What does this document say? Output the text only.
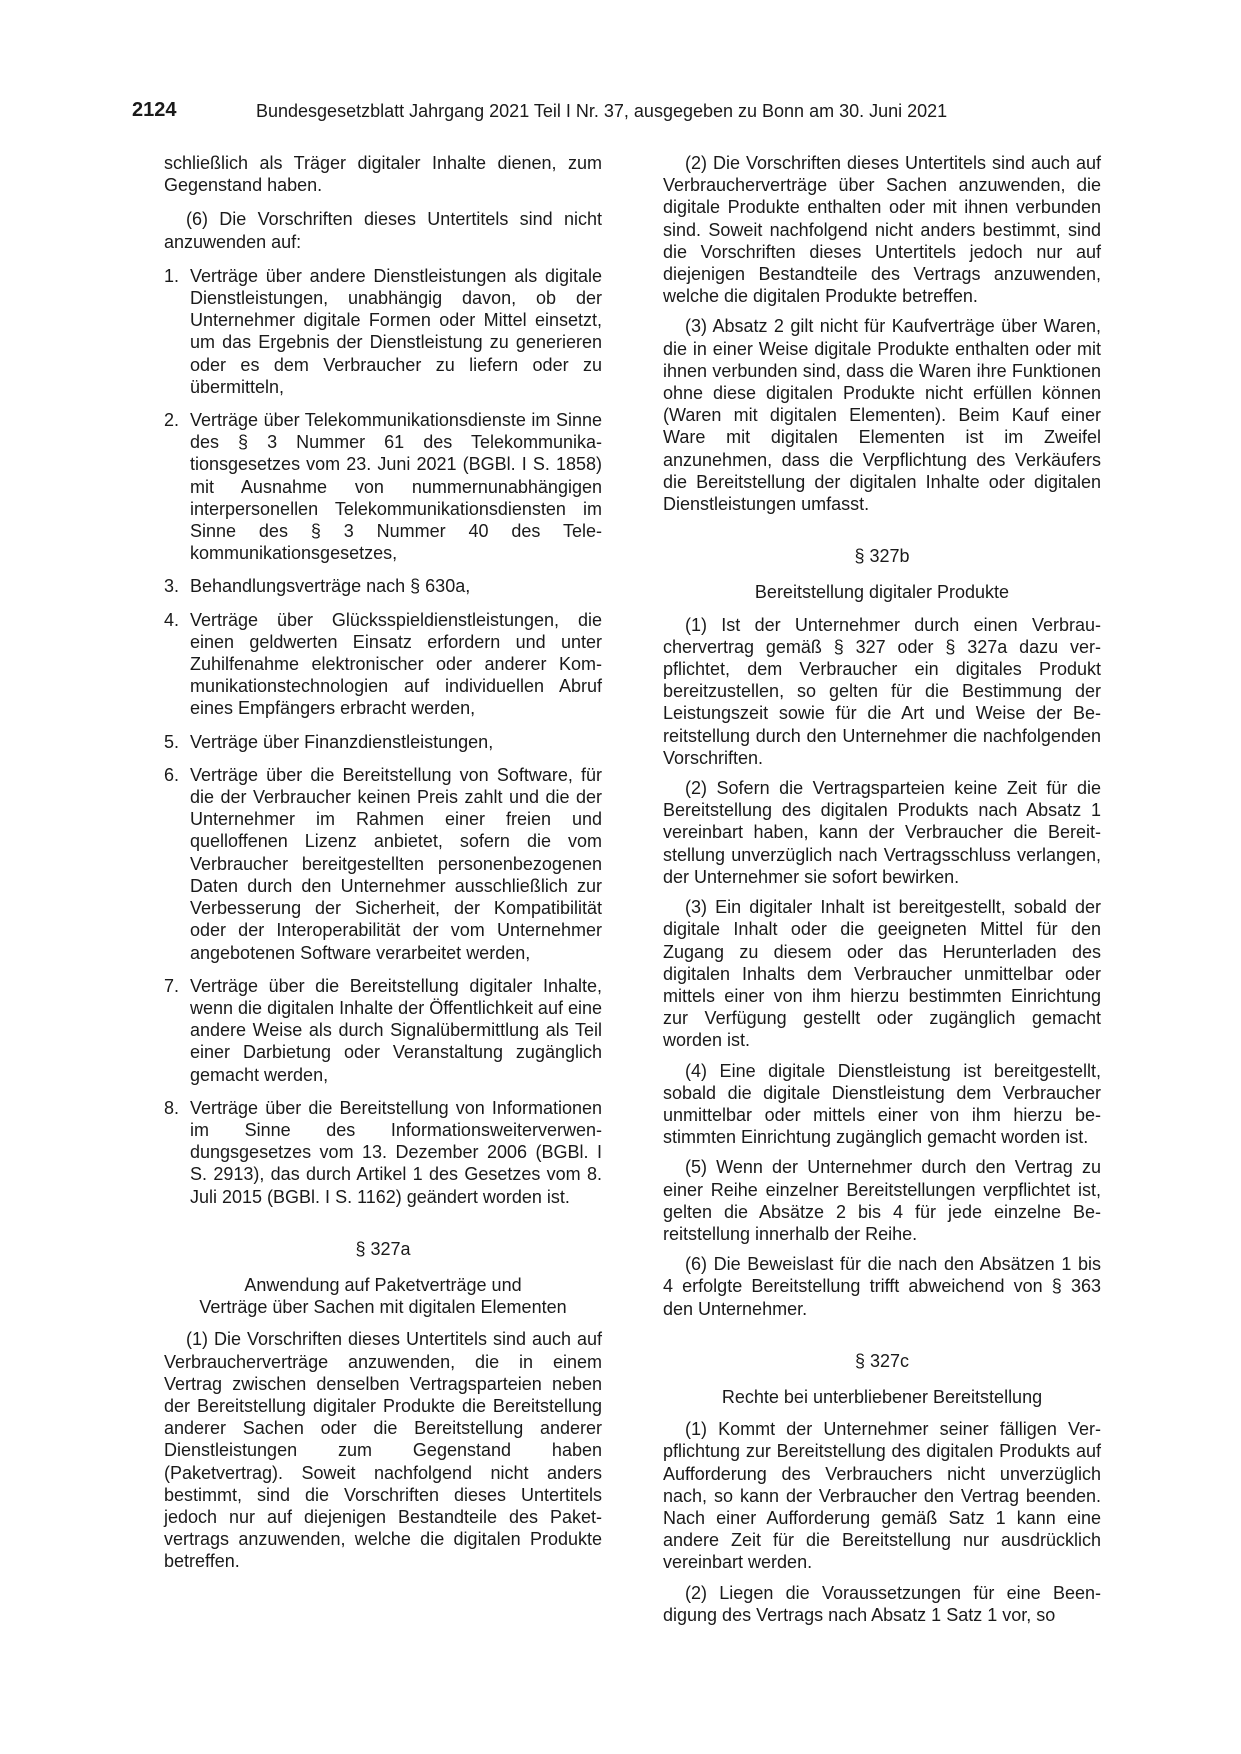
2124	Bundesgesetzblatt Jahrgang 2021 Teil I Nr. 37, ausgegeben zu Bonn am 30. Juni 2021

schließlich als Träger digitaler Inhalte dienen, zum Gegenstand haben.

(6) Die Vorschriften dieses Untertitels sind nicht anzuwenden auf:

1. Verträge über andere Dienstleistungen als digitale Dienstleistungen, unabhängig davon, ob der Unternehmer digitale Formen oder Mittel einsetzt, um das Ergebnis der Dienstleistung zu generieren oder es dem Verbraucher zu liefern oder zu übermitteln,
2. Verträge über Telekommunikationsdienste im Sinne des § 3 Nummer 61 des Telekommunikationsgesetzes vom 23. Juni 2021 (BGBl. I S. 1858) mit Ausnahme von nummernunabhängigen interpersonellen Telekommunikationsdiensten im Sinne des § 3 Nummer 40 des Telekommunikationsgesetzes,
3. Behandlungsverträge nach § 630a,
4. Verträge über Glücksspieldienstleistungen, die einen geldwerten Einsatz erfordern und unter Zuhilfenahme elektronischer oder anderer Kommunikationstechnologien auf individuellen Abruf eines Empfängers erbracht werden,
5. Verträge über Finanzdienstleistungen,
6. Verträge über die Bereitstellung von Software, für die der Verbraucher keinen Preis zahlt und die der Unternehmer im Rahmen einer freien und quelloffenen Lizenz anbietet, sofern die vom Verbraucher bereitgestellten personenbezogenen Daten durch den Unternehmer ausschließlich zur Verbesserung der Sicherheit, der Kompatibilität oder der Interoperabilität der vom Unternehmer angebotenen Software verarbeitet werden,
7. Verträge über die Bereitstellung digitaler Inhalte, wenn die digitalen Inhalte der Öffentlichkeit auf eine andere Weise als durch Signalübermittlung als Teil einer Darbietung oder Veranstaltung zugänglich gemacht werden,
8. Verträge über die Bereitstellung von Informationen im Sinne des Informationsweiterverwendungsgesetzes vom 13. Dezember 2006 (BGBl. I S. 2913), das durch Artikel 1 des Gesetzes vom 8. Juli 2015 (BGBl. I S. 1162) geändert worden ist.

§ 327a

Anwendung auf Paketverträge und

Verträge über Sachen mit digitalen Elementen

(1) Die Vorschriften dieses Untertitels sind auch auf Verbraucherverträge anzuwenden, die in einem Vertrag zwischen denselben Vertragsparteien neben der Bereitstellung digitaler Produkte die Bereitstellung anderer Sachen oder die Bereitstellung anderer Dienstleistungen zum Gegenstand haben (Paketvertrag). Soweit nachfolgend nicht anders bestimmt, sind die Vorschriften dieses Untertitels jedoch nur auf diejenigen Bestandteile des Paketvertrags anzuwenden, welche die digitalen Produkte betreffen.

(2) Die Vorschriften dieses Untertitels sind auch auf Verbraucherverträge über Sachen anzuwenden, die digitale Produkte enthalten oder mit ihnen verbunden sind. Soweit nachfolgend nicht anders bestimmt, sind die Vorschriften dieses Untertitels jedoch nur auf diejenigen Bestandteile des Vertrags anzuwenden, welche die digitalen Produkte betreffen.

(3) Absatz 2 gilt nicht für Kaufverträge über Waren, die in einer Weise digitale Produkte enthalten oder mit ihnen verbunden sind, dass die Waren ihre Funktionen ohne diese digitalen Produkte nicht erfüllen können (Waren mit digitalen Elementen). Beim Kauf einer Ware mit digitalen Elementen ist im Zweifel anzunehmen, dass die Verpflichtung des Verkäufers die Bereitstellung der digitalen Inhalte oder digitalen Dienstleistungen umfasst.

§ 327b

Bereitstellung digitaler Produkte

(1) Ist der Unternehmer durch einen Verbrauchervertrag gemäß § 327 oder § 327a dazu verpflichtet, dem Verbraucher ein digitales Produkt bereitzustellen, so gelten für die Bestimmung der Leistungszeit sowie für die Art und Weise der Bereitstellung durch den Unternehmer die nachfolgenden Vorschriften.

(2) Sofern die Vertragsparteien keine Zeit für die Bereitstellung des digitalen Produkts nach Absatz 1 vereinbart haben, kann der Verbraucher die Bereitstellung unverzüglich nach Vertragsschluss verlangen, der Unternehmer sie sofort bewirken.

(3) Ein digitaler Inhalt ist bereitgestellt, sobald der digitale Inhalt oder die geeigneten Mittel für den Zugang zu diesem oder das Herunterladen des digitalen Inhalts dem Verbraucher unmittelbar oder mittels einer von ihm hierzu bestimmten Einrichtung zur Verfügung gestellt oder zugänglich gemacht worden ist.

(4) Eine digitale Dienstleistung ist bereitgestellt, sobald die digitale Dienstleistung dem Verbraucher unmittelbar oder mittels einer von ihm hierzu bestimmten Einrichtung zugänglich gemacht worden ist.

(5) Wenn der Unternehmer durch den Vertrag zu einer Reihe einzelner Bereitstellungen verpflichtet ist, gelten die Absätze 2 bis 4 für jede einzelne Bereitstellung innerhalb der Reihe.

(6) Die Beweislast für die nach den Absätzen 1 bis 4 erfolgte Bereitstellung trifft abweichend von § 363 den Unternehmer.

§ 327c

Rechte bei unterbliebener Bereitstellung

(1) Kommt der Unternehmer seiner fälligen Verpflichtung zur Bereitstellung des digitalen Produkts auf Aufforderung des Verbrauchers nicht unverzüglich nach, so kann der Verbraucher den Vertrag beenden. Nach einer Aufforderung gemäß Satz 1 kann eine andere Zeit für die Bereitstellung nur ausdrücklich vereinbart werden.

(2) Liegen die Voraussetzungen für eine Beendigung des Vertrags nach Absatz 1 Satz 1 vor, so
